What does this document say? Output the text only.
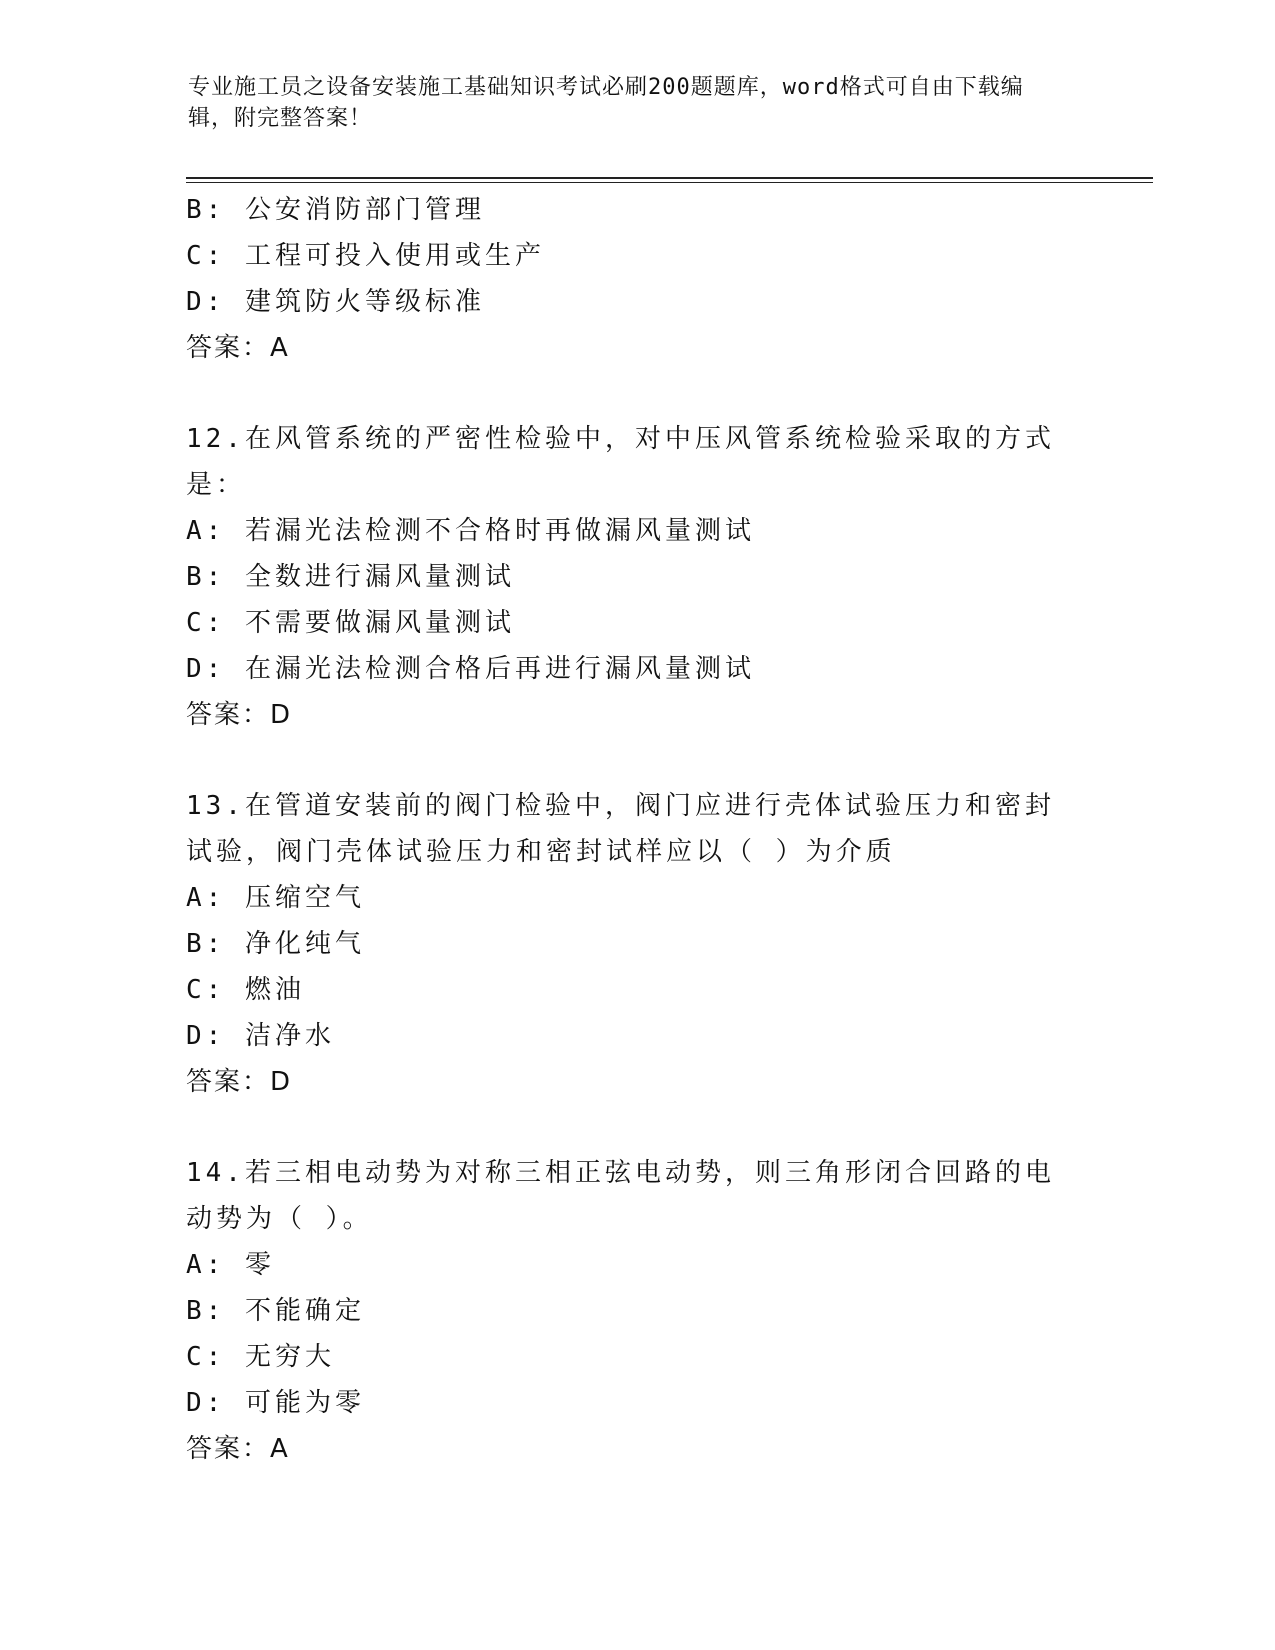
专业施工员之设备安装施工基础知识考试必刷200题题库，word格式可自由下载编辑，附完整答案！
B: 公安消防部门管理
C: 工程可投入使用或生产
D: 建筑防火等级标准
答案：A
12.在风管系统的严密性检验中，对中压风管系统检验采取的方式是：
A: 若漏光法检测不合格时再做漏风量测试
B: 全数进行漏风量测试
C: 不需要做漏风量测试
D: 在漏光法检测合格后再进行漏风量测试
答案：D
13.在管道安装前的阀门检验中，阀门应进行壳体试验压力和密封试验，阀门壳体试验压力和密封试样应以（ ）为介质
A: 压缩空气
B: 净化纯气
C: 燃油
D: 洁净水
答案：D
14.若三相电动势为对称三相正弦电动势，则三角形闭合回路的电动势为（ ）。
A: 零
B: 不能确定
C: 无穷大
D: 可能为零
答案：A
